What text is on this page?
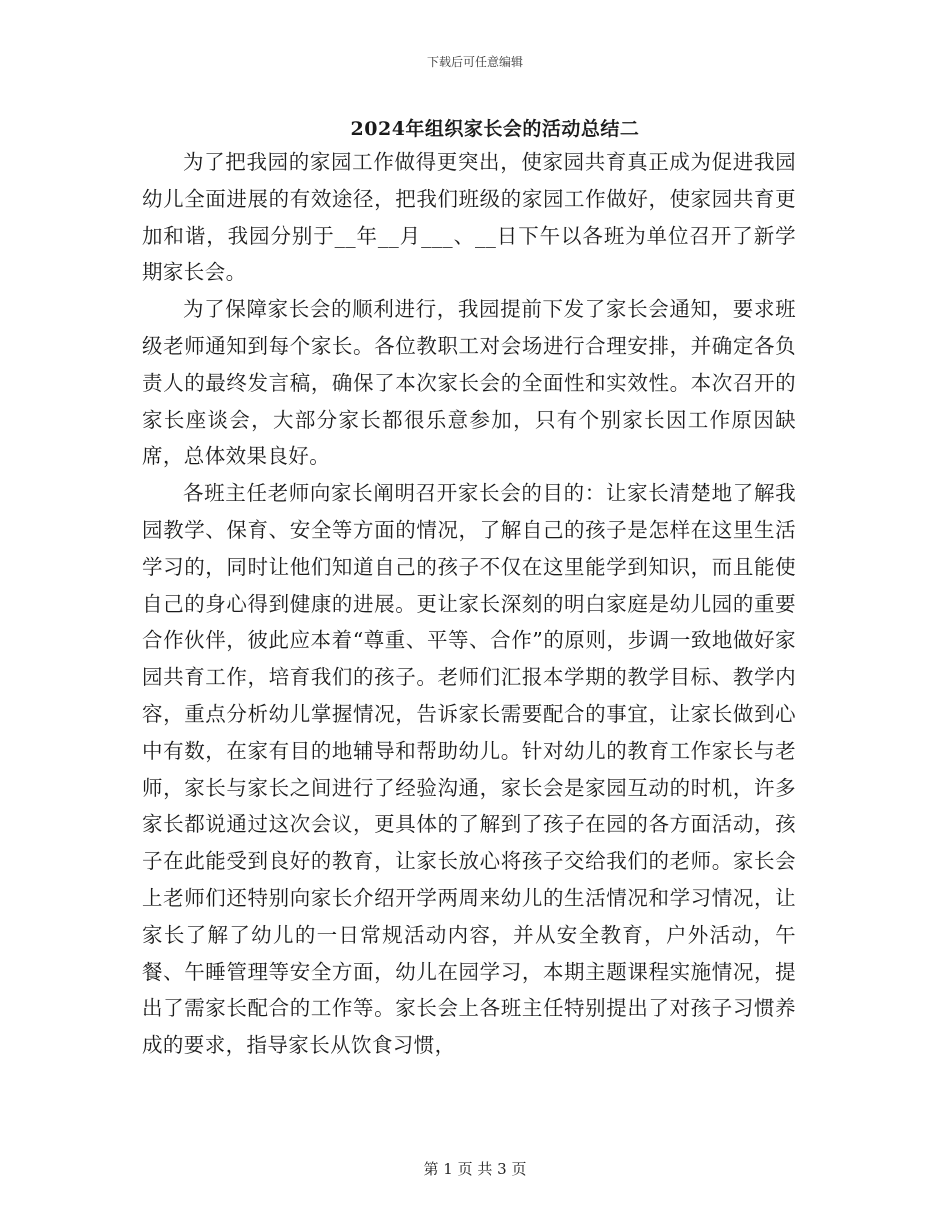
下载后可任意编辑
2024年组织家长会的活动总结二

为了把我园的家园工作做得更突出，使家园共育真正成为促进我园幼儿全面进展的有效途径，把我们班级的家园工作做好，使家园共育更加和谐，我园分别于__年__月___、__日下午以各班为单位召开了新学期家长会。

为了保障家长会的顺利进行，我园提前下发了家长会通知，要求班级老师通知到每个家长。各位教职工对会场进行合理安排，并确定各负责人的最终发言稿，确保了本次家长会的全面性和实效性。本次召开的家长座谈会，大部分家长都很乐意参加，只有个别家长因工作原因缺席，总体效果良好。

各班主任老师向家长阐明召开家长会的目的：让家长清楚地了解我园教学、保育、安全等方面的情况，了解自己的孩子是怎样在这里生活学习的，同时让他们知道自己的孩子不仅在这里能学到知识，而且能使自己的身心得到健康的进展。更让家长深刻的明白家庭是幼儿园的重要合作伙伴，彼此应本着“尊重、平等、合作”的原则，步调一致地做好家园共育工作，培育我们的孩子。老师们汇报本学期的教学目标、教学内容，重点分析幼儿掌握情况，告诉家长需要配合的事宜，让家长做到心中有数，在家有目的地辅导和帮助幼儿。针对幼儿的教育工作家长与老师，家长与家长之间进行了经验沟通，家长会是家园互动的时机，许多家长都说通过这次会议，更具体的了解到了孩子在园的各方面活动，孩子在此能受到良好的教育，让家长放心将孩子交给我们的老师。家长会上老师们还特别向家长介绍开学两周来幼儿的生活情况和学习情况，让家长了解了幼儿的一日常规活动内容，并从安全教育，户外活动，午餐、午睡管理等安全方面，幼儿在园学习，本期主题课程实施情况，提出了需家长配合的工作等。家长会上各班主任特别提出了对孩子习惯养成的要求，指导家长从饮食习惯，

第 1 页 共 3 页
